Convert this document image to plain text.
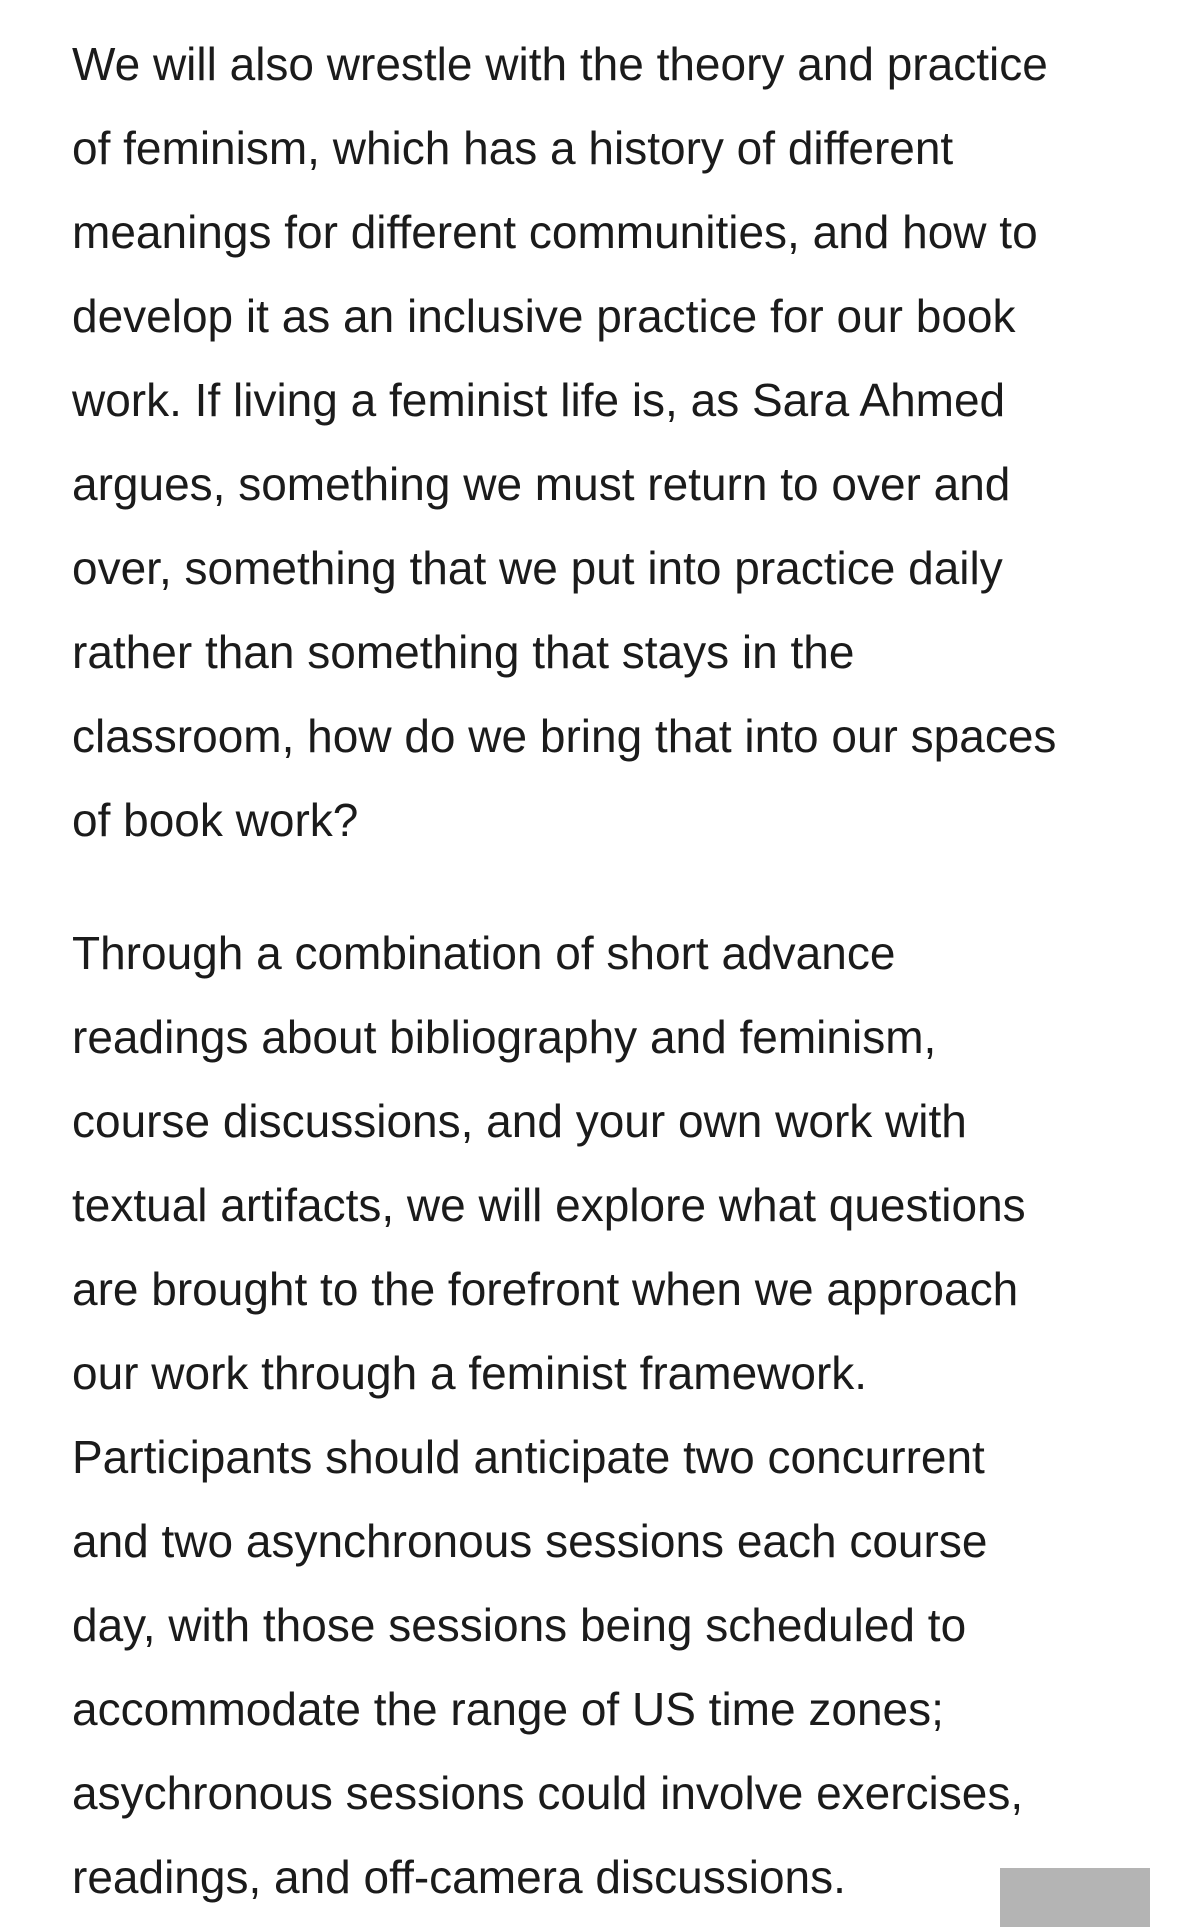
We will also wrestle with the theory and practice
of feminism, which has a history of different
meanings for different communities, and how to
develop it as an inclusive practice for our book
work. If living a feminist life is, as Sara Ahmed
argues, something we must return to over and
over, something that we put into practice daily
rather than something that stays in the
classroom, how do we bring that into our spaces
of book work?

Through a combination of short advance
readings about bibliography and feminism,
course discussions, and your own work with
textual artifacts, we will explore what questions
are brought to the forefront when we approach
our work through a feminist framework.
Participants should anticipate two concurrent
and two asynchronous sessions each course
day, with those sessions being scheduled to
accommodate the range of US time zones;
asychronous sessions could involve exercises,
readings, and off-camera discussions.
